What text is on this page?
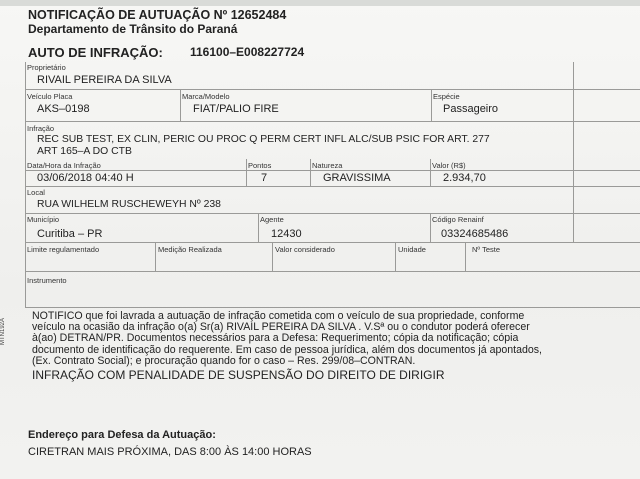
NOTIFICAÇÃO DE AUTUAÇÃO Nº 12652484
Departamento de Trânsito do Paraná
AUTO DE INFRAÇÃO: 116100–E008227724
Proprietário
RIVAIL PEREIRA DA SILVA
Veículo Placa
AKS–0198
Marca/Modelo
FIAT/PALIO FIRE
Espécie
Passageiro
Infração
REC SUB TEST, EX CLIN, PERIC OU PROC Q PERM CERT INFL ALC/SUB PSIC FOR ART. 277
ART 165–A DO CTB
Data/Hora da Infração
03/06/2018 04:40 H
Pontos
7
Natureza
GRAVISSIMA
Valor (R$)
2.934,70
Local
RUA WILHELM RUSCHEWEYH Nº 238
Município
Curitiba – PR
Agente
12430
Código Renainf
03324685486
Limite regulamentado	Medição Realizada	Valor considerado	Unidade	Nº Teste
Instrumento

NOTIFICO que foi lavrada a autuação de infração cometida com o veículo de sua propriedade, conforme

veículo na ocasião da infração o(a) Sr(a) RIVAIL PEREIRA DA SILVA . V.Sª ou o condutor poderá oferecer

à(ao) DETRAN/PR. Documentos necessários para a Defesa: Requerimento; cópia da notificação; cópia

documento de identificação do requerente. Em caso de pessoa jurídica, além dos documentos já apontados,

(Ex. Contrato Social); e procuração quando for o caso – Res. 299/08–CONTRAN.

INFRAÇÃO COM PENALIDADE DE SUSPENSÃO DO DIREITO DE DIRIGIR

MTN192A
Endereço para Defesa da Autuação:
CIRETRAN MAIS PRÓXIMA, DAS 8:00 ÀS 14:00 HORAS
